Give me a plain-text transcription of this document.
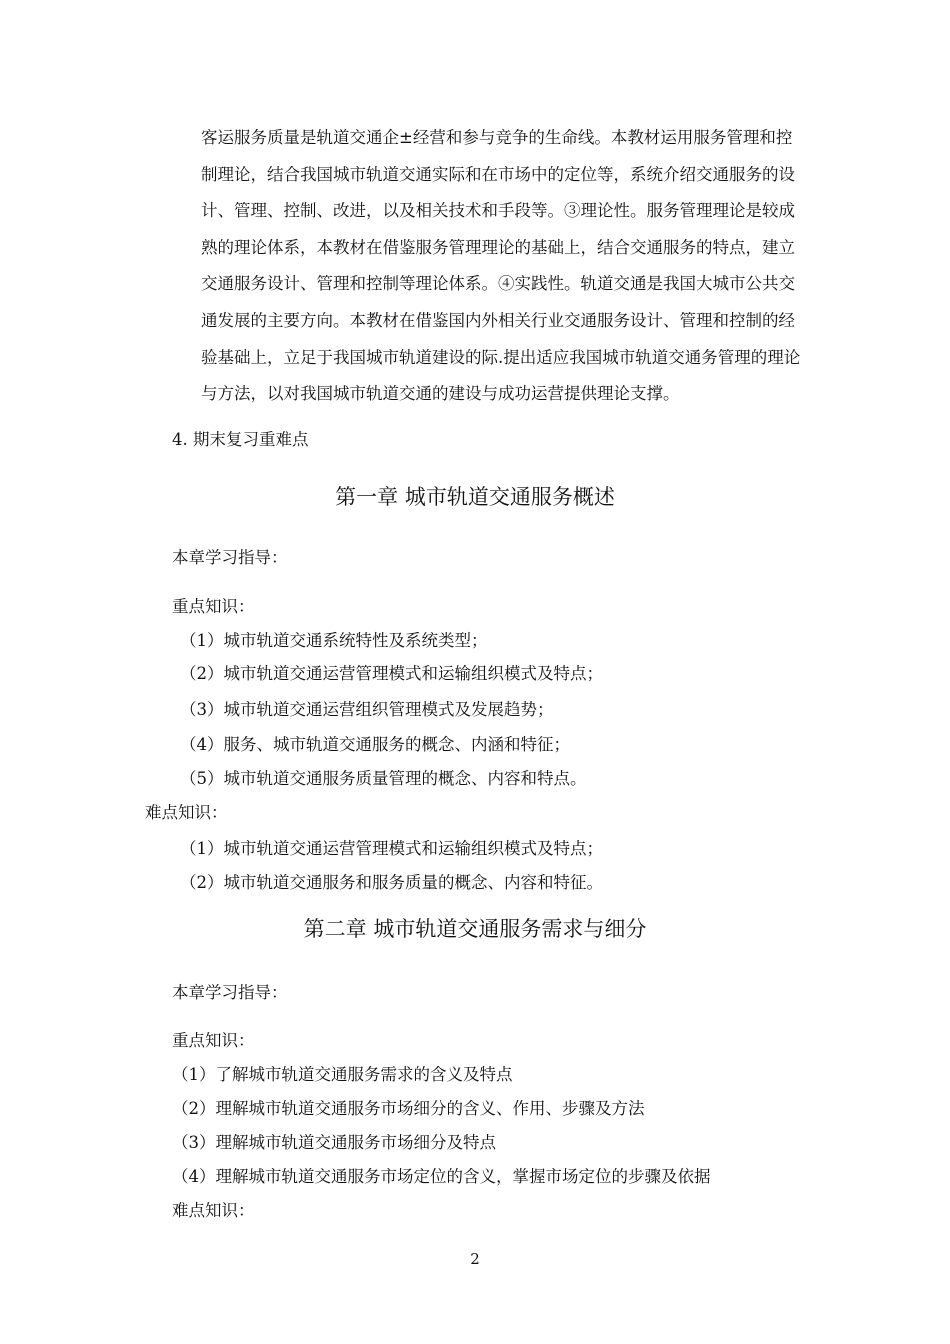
客运服务质量是轨道交通企±经营和参与竞争的生命线。本教材运用服务管理和控
制理论，结合我国城市轨道交通实际和在市场中的定位等，系统介绍交通服务的设
计、管理、控制、改进，以及相关技术和手段等。③理论性。服务管理理论是较成
熟的理论体系，本教材在借鉴服务管理理论的基础上，结合交通服务的特点，建立
交通服务设计、管理和控制等理论体系。④实践性。轨道交通是我国大城市公共交
通发展的主要方向。本教材在借鉴国内外相关行业交通服务设计、管理和控制的经
验基础上，立足于我国城市轨道建设的际.提出适应我国城市轨道交通务管理的理论
与方法，以对我国城市轨道交通的建设与成功运营提供理论支撑。
4. 期末复习重难点
第一章 城市轨道交通服务概述
本章学习指导：
重点知识：
（1）城市轨道交通系统特性及系统类型；
（2）城市轨道交通运营管理模式和运输组织模式及特点；
（3）城市轨道交通运营组织管理模式及发展趋势；
（4）服务、城市轨道交通服务的概念、内涵和特征；
（5）城市轨道交通服务质量管理的概念、内容和特点。
难点知识：
（1）城市轨道交通运营管理模式和运输组织模式及特点；
（2）城市轨道交通服务和服务质量的概念、内容和特征。
第二章 城市轨道交通服务需求与细分
本章学习指导：
重点知识：
（1）了解城市轨道交通服务需求的含义及特点
（2）理解城市轨道交通服务市场细分的含义、作用、步骤及方法
（3）理解城市轨道交通服务市场细分及特点
（4）理解城市轨道交通服务市场定位的含义，掌握市场定位的步骤及依据
难点知识：
2
